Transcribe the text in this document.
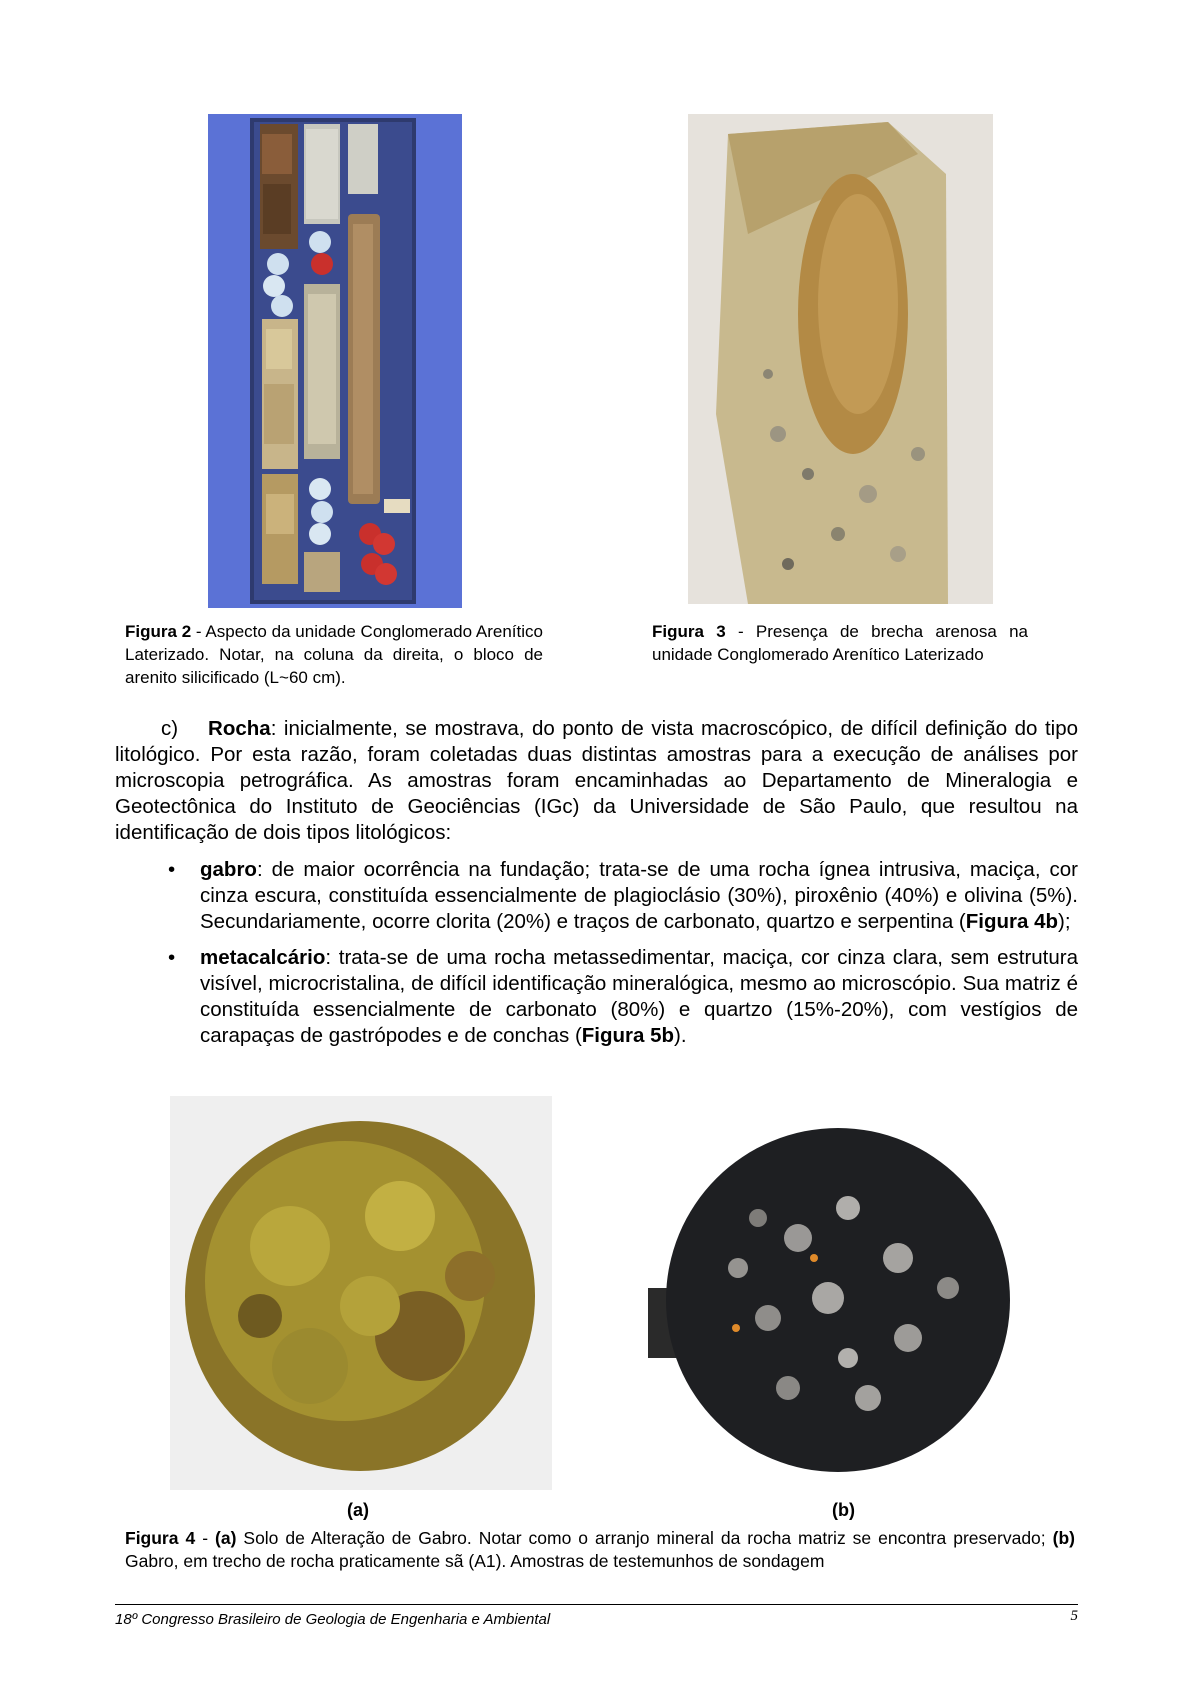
Figura 2 - Aspecto da unidade Conglomerado Arenítico Laterizado. Notar, na coluna da direita, o bloco de arenito silicificado (L~60 cm).
Figura 3 - Presença de brecha arenosa na unidade Conglomerado Arenítico Laterizado

c) Rocha: inicialmente, se mostrava, do ponto de vista macroscópico, de difícil definição do tipo litológico. Por esta razão, foram coletadas duas distintas amostras para a execução de análises por microscopia petrográfica. As amostras foram encaminhadas ao Departamento de Mineralogia e Geotectônica do Instituto de Geociências (IGc) da Universidade de São Paulo, que resultou na identificação de dois tipos litológicos:

• gabro: de maior ocorrência na fundação; trata-se de uma rocha ígnea intrusiva, maciça, cor cinza escura, constituída essencialmente de plagioclásio (30%), piroxênio (40%) e olivina (5%). Secundariamente, ocorre clorita (20%) e traços de carbonato, quartzo e serpentina (Figura 4b);
• metacalcário: trata-se de uma rocha metassedimentar, maciça, cor cinza clara, sem estrutura visível, microcristalina, de difícil identificação mineralógica, mesmo ao microscópio. Sua matriz é constituída essencialmente de carbonato (80%) e quartzo (15%-20%), com vestígios de carapaças de gastrópodes e de conchas (Figura 5b).
(a)	(b)
Figura 4 - (a) Solo de Alteração de Gabro. Notar como o arranjo mineral da rocha matriz se encontra preservado; (b) Gabro, em trecho de rocha praticamente sã (A1). Amostras de testemunhos de sondagem
18º Congresso Brasileiro de Geologia de Engenharia e Ambiental	5
